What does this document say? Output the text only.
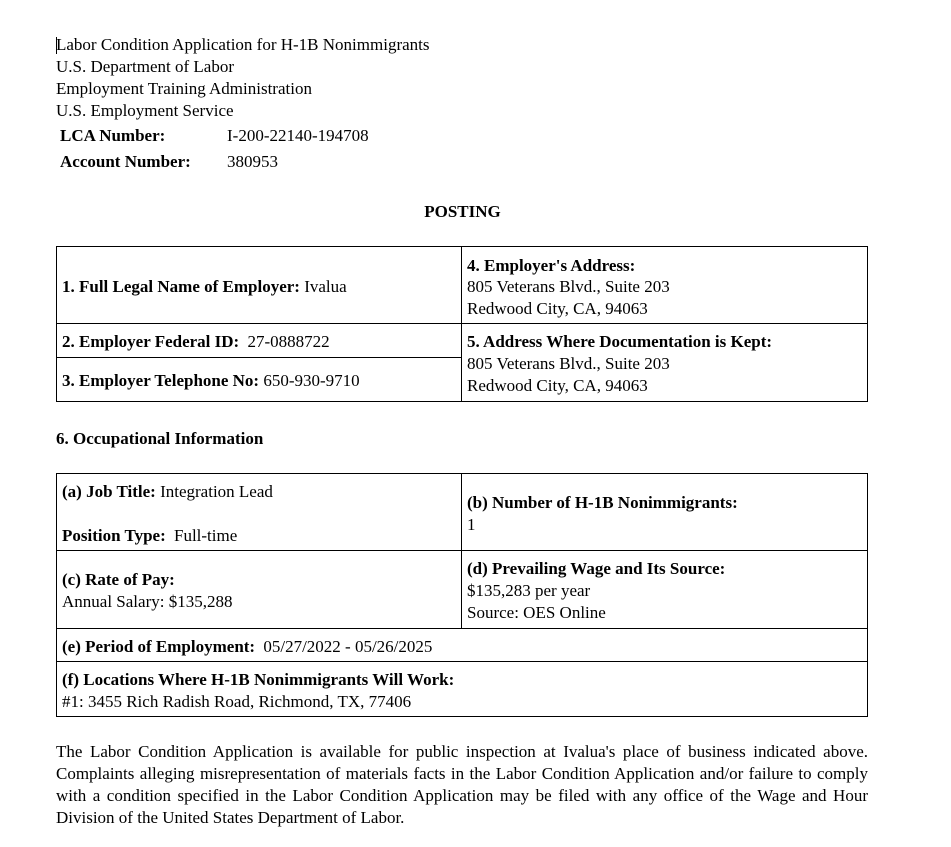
Labor Condition Application for H-1B Nonimmigrants
U.S. Department of Labor
Employment Training Administration
U.S. Employment Service
LCA Number:	I-200-22140-194708
Account Number: 380953
POSTING
1. Full Legal Name of Employer: Ivalua
4. Employer's Address:
805 Veterans Blvd., Suite 203
Redwood City, CA, 94063
2. Employer Federal ID: 27-0888722
3. Employer Telephone No: 650-930-9710
5. Address Where Documentation is Kept:
805 Veterans Blvd., Suite 203
Redwood City, CA, 94063
6. Occupational Information
(a) Job Title: Integration Lead
Position Type: Full-time
(b) Number of H-1B Nonimmigrants:
1
(c) Rate of Pay:
Annual Salary: $135,288
(d) Prevailing Wage and Its Source:
$135,283 per year
Source: OES Online
(e) Period of Employment: 05/27/2022 - 05/26/2025
(f) Locations Where H-1B Nonimmigrants Will Work:
#1: 3455 Rich Radish Road, Richmond, TX, 77406
The Labor Condition Application is available for public inspection at Ivalua's place of business indicated above. Complaints alleging misrepresentation of materials facts in the Labor Condition Application and/or failure to comply with a condition specified in the Labor Condition Application may be filed with any office of the Wage and Hour Division of the United States Department of Labor.
